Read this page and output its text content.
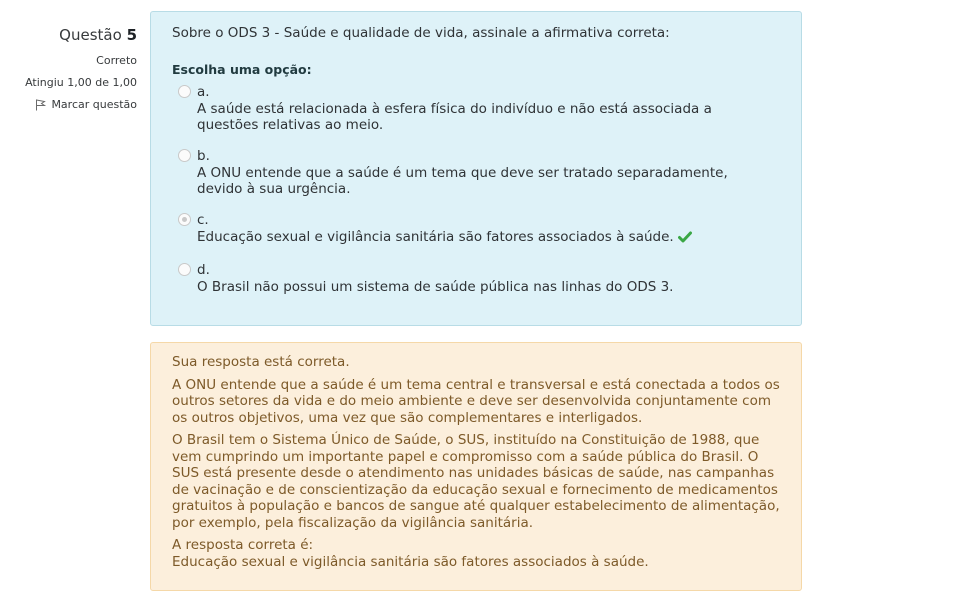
Questão 5
Correto
Atingiu 1,00 de 1,00
Marcar questão
Sobre o ODS 3 - Saúde e qualidade de vida, assinale a afirmativa correta:
Escolha uma opção:
a.
A saúde está relacionada à esfera física do indivíduo e não está associada a questões relativas ao meio.
b.
A ONU entende que a saúde é um tema que deve ser tratado separadamente, devido à sua urgência.
c.
Educação sexual e vigilância sanitária são fatores associados à saúde.
d.
O Brasil não possui um sistema de saúde pública nas linhas do ODS 3.

Sua resposta está correta.

A ONU entende que a saúde é um tema central e transversal e está conectada a todos os outros setores da vida e do meio ambiente e deve ser desenvolvida conjuntamente com os outros objetivos, uma vez que são complementares e interligados.

O Brasil tem o Sistema Único de Saúde, o SUS, instituído na Constituição de 1988, que vem cumprindo um importante papel e compromisso com a saúde pública do Brasil. O SUS está presente desde o atendimento nas unidades básicas de saúde, nas campanhas de vacinação e de conscientização da educação sexual e fornecimento de medicamentos gratuitos à população e bancos de sangue até qualquer estabelecimento de alimentação, por exemplo, pela fiscalização da vigilância sanitária.

A resposta correta é:
Educação sexual e vigilância sanitária são fatores associados à saúde.
